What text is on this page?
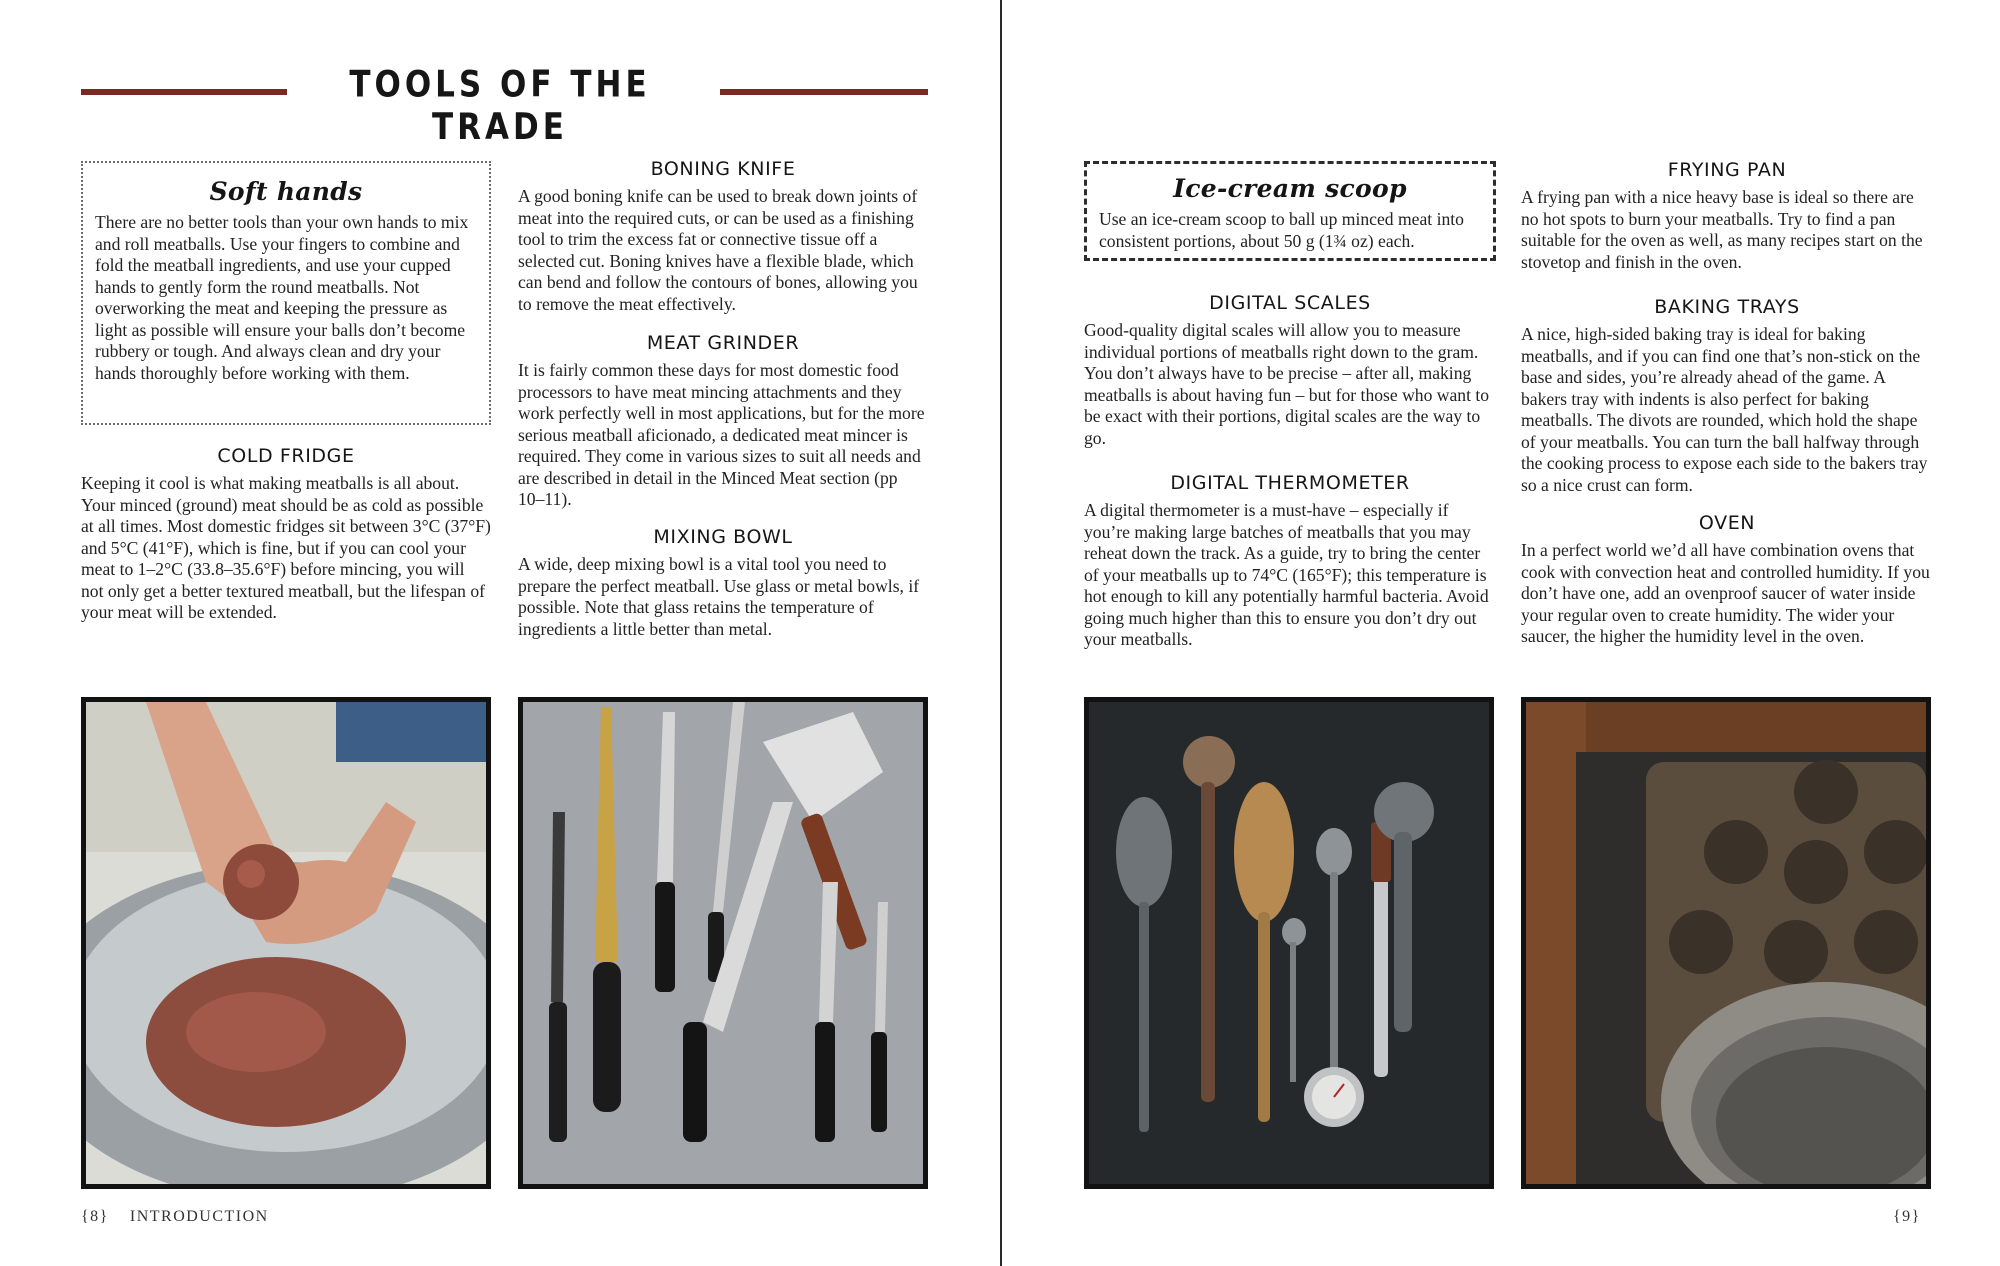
TOOLS OF THE TRADE
Soft hands

There are no better tools than your own hands to mix and roll meatballs. Use your fingers to combine and fold the meatball ingredients, and use your cupped hands to gently form the round meatballs. Not overworking the meat and keeping the pressure as light as possible will ensure your balls don’t become rubbery or tough. And always clean and dry your hands thoroughly before working with them.

COLD FRIDGE

Keeping it cool is what making meatballs is all about. Your minced (ground) meat should be as cold as possible at all times. Most domestic fridges sit between 3°C (37°F) and 5°C (41°F), which is fine, but if you can cool your meat to 1–2°C (33.8–35.6°F) before mincing, you will not only get a better textured meatball, but the lifespan of your meat will be extended.

BONING KNIFE

A good boning knife can be used to break down joints of meat into the required cuts, or can be used as a finishing tool to trim the excess fat or connective tissue off a selected cut. Boning knives have a flexible blade, which can bend and follow the contours of bones, allowing you to remove the meat effectively.

MEAT GRINDER

It is fairly common these days for most domestic food processors to have meat mincing attachments and they work perfectly well in most applications, but for the more serious meatball aficionado, a dedicated meat mincer is required. They come in various sizes to suit all needs and are described in detail in the Minced Meat section (pp 10–11).

MIXING BOWL

A wide, deep mixing bowl is a vital tool you need to prepare the perfect meatball. Use glass or metal bowls, if possible. Note that glass retains the temperature of ingredients a little better than metal.

{8} INTRODUCTION
Ice-cream scoop

Use an ice-cream scoop to ball up minced meat into consistent portions, about 50 g (1¾ oz) each.

DIGITAL SCALES

Good-quality digital scales will allow you to measure individual portions of meatballs right down to the gram. You don’t always have to be precise – after all, making meatballs is about having fun – but for those who want to be exact with their portions, digital scales are the way to go.

DIGITAL THERMOMETER

A digital thermometer is a must-have – especially if you’re making large batches of meatballs that you may reheat down the track. As a guide, try to bring the center of your meatballs up to 74°C (165°F); this temperature is hot enough to kill any potentially harmful bacteria. Avoid going much higher than this to ensure you don’t dry out your meatballs.

FRYING PAN

A frying pan with a nice heavy base is ideal so there are no hot spots to burn your meatballs. Try to find a pan suitable for the oven as well, as many recipes start on the stovetop and finish in the oven.

BAKING TRAYS

A nice, high-sided baking tray is ideal for baking meatballs, and if you can find one that’s non-stick on the base and sides, you’re already ahead of the game. A bakers tray with indents is also perfect for baking meatballs. The divots are rounded, which hold the shape of your meatballs. You can turn the ball halfway through the cooking process to expose each side to the bakers tray so a nice crust can form.

OVEN

In a perfect world we’d all have combination ovens that cook with convection heat and controlled humidity. If you don’t have one, add an ovenproof saucer of water inside your regular oven to create humidity. The wider your saucer, the higher the humidity level in the oven.

{9}
